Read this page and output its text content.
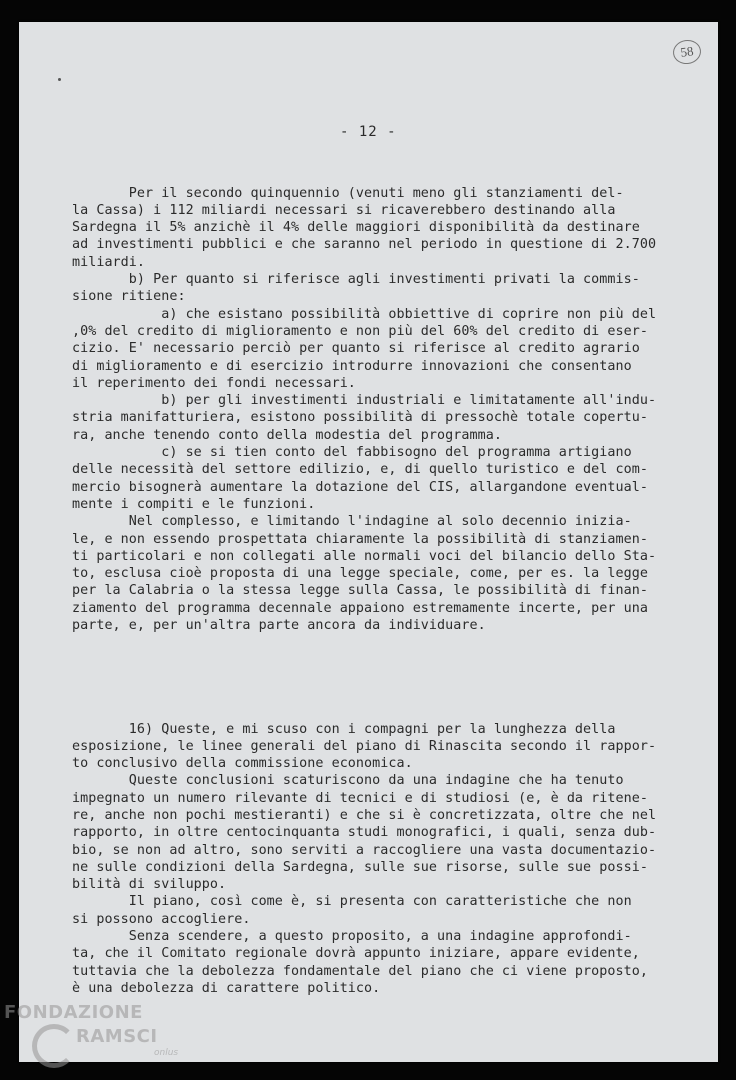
58
- 12 -

Per il secondo quinquennio (venuti meno gli stanziamenti del-
la Cassa) i 112 miliardi necessari si ricaverebbero destinando alla
Sardegna il 5% anzichè il 4% delle maggiori disponibilità da destinare
ad investimenti pubblici e che saranno nel periodo in questione di 2.700
miliardi.
b) Per quanto si riferisce agli investimenti privati la commis-
sione ritiene:
a) che esistano possibilità obbiettive di coprire non più del
,0% del credito di miglioramento e non più del 60% del credito di eser-
cizio. E' necessario perciò per quanto si riferisce al credito agrario
di miglioramento e di esercizio introdurre innovazioni che consentano
il reperimento dei fondi necessari.
b) per gli investimenti industriali e limitatamente all'indu-
stria manifatturiera, esistono possibilità di pressochè totale copertu-
ra, anche tenendo conto della modestia del programma.
c) se si tien conto del fabbisogno del programma artigiano
delle necessità del settore edilizio, e, di quello turistico e del com-
mercio bisognerà aumentare la dotazione del CIS, allargandone eventual-
mente i compiti e le funzioni.
Nel complesso, e limitando l'indagine al solo decennio inizia-
le, e non essendo prospettata chiaramente la possibilità di stanziamen-
ti particolari e non collegati alle normali voci del bilancio dello Sta-
to, esclusa cioè proposta di una legge speciale, come, per es. la legge
per la Calabria o la stessa legge sulla Cassa, le possibilità di finan-
ziamento del programma decennale appaiono estremamente incerte, per una
parte, e, per un'altra parte ancora da individuare.

16) Queste, e mi scuso con i compagni per la lunghezza della
esposizione, le linee generali del piano di Rinascita secondo il rappor-
to conclusivo della commissione economica.
Queste conclusioni scaturiscono da una indagine che ha tenuto
impegnato un numero rilevante di tecnici e di studiosi (e, è da ritene-
re, anche non pochi mestieranti) e che si è concretizzata, oltre che nel
rapporto, in oltre centocinquanta studi monografici, i quali, senza dub-
bio, se non ad altro, sono serviti a raccogliere una vasta documentazio-
ne sulle condizioni della Sardegna, sulle sue risorse, sulle sue possi-
bilità di sviluppo.
Il piano, così come è, si presenta con caratteristiche che non
si possono accogliere.
Senza scendere, a questo proposito, a una indagine approfondi-
ta, che il Comitato regionale dovrà appunto iniziare, appare evidente,
tuttavia che la debolezza fondamentale del piano che ci viene proposto,
è una debolezza di carattere politico.

FONDAZIONE
RAMSCI
onlus
